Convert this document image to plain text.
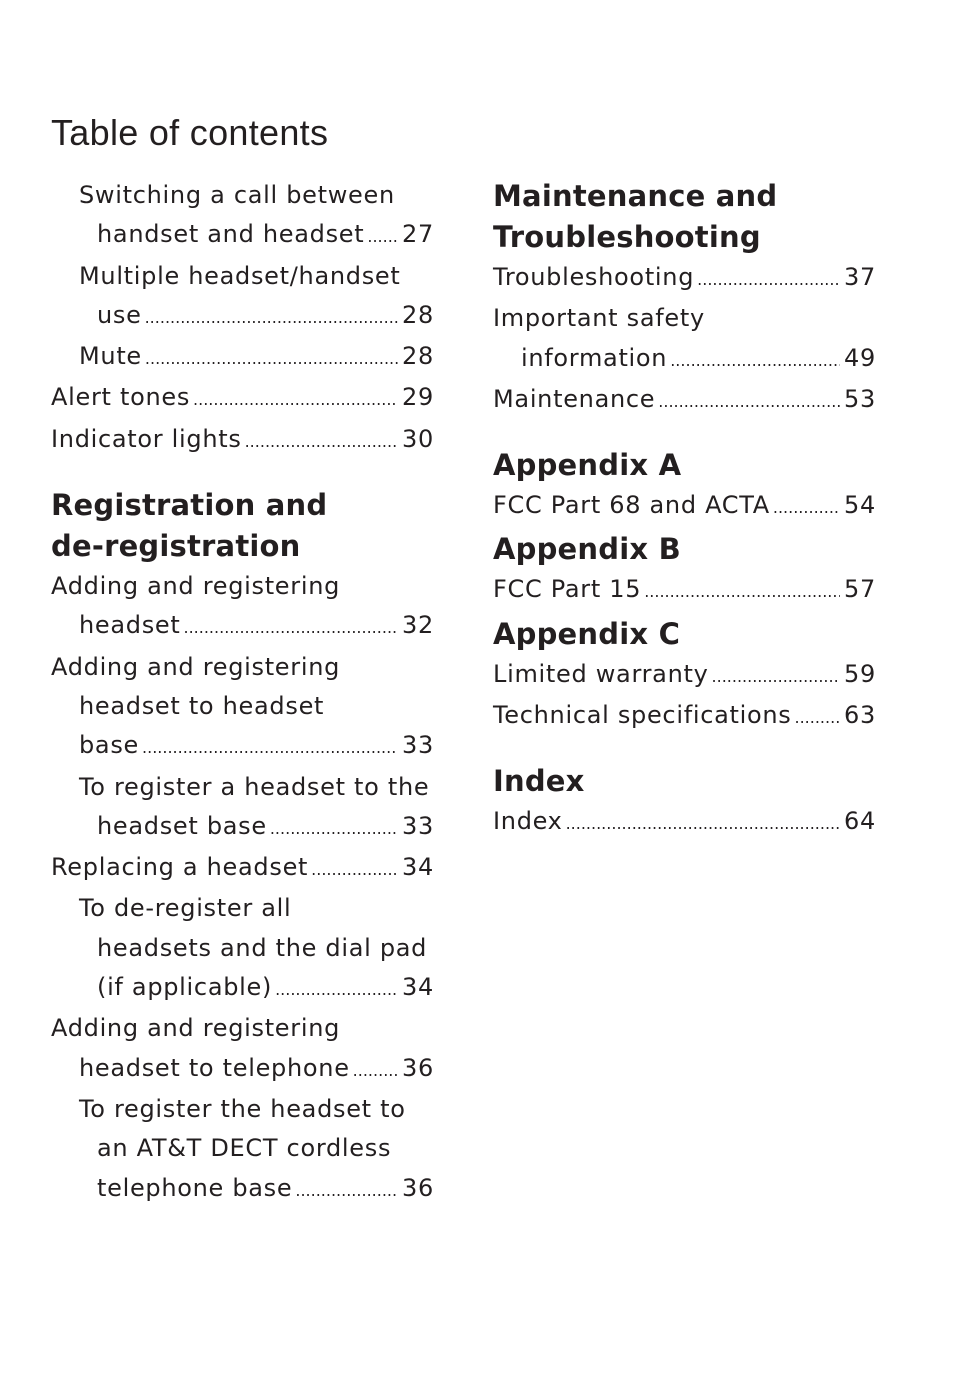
Table of contents
Switching a call between
handset and headset ..... 27
Multiple headset/handset
use .....	28
Mute .....	28
Alert tones .....	29
Indicator lights .....	30
Registration and
de-registration
Adding and registering
headset .....	32
Adding and registering
headset to headset
base .....	33
To register a headset to the
headset base .....	33
Replacing a headset .....	34
To de-register all
headsets and the dial pad
(if applicable) .....	34
Adding and registering
headset to telephone ..... 36
To register the headset to
an AT&T DECT cordless
telephone base .....	36
Maintenance and
Troubleshooting
Troubleshooting .....	37
Important safety
information .....	49
Maintenance .....	53
Appendix A
FCC Part 68 and ACTA .....	54
Appendix B
FCC Part 15 .....	57
Appendix C
Limited warranty .....	59
Technical specifications ..... 63
Index
Index .....	64
